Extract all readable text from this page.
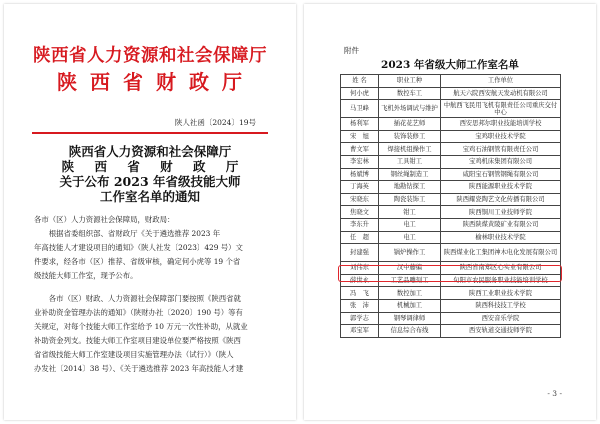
陕西省人力资源和社会保障厅
陕西省财政厅
陕人社函〔2024〕19号
陕西省人力资源和社会保障厅
陕 西 省 财 政 厅
关于公布 2023 年省级技能大师
工作室名单的通知
各市（区）人力资源社会保障局，财政局：
　　根据省委组织部、省财政厅《关于遴选推荐 2023 年
年高技能人才建设项目的通知》（陕人社发〔2023〕429 号）文
件要求，经各市（区）推荐、省级审核，确定何小虎等 19 个省
级技能大师工作室，现予公布。
　　各市（区）财政、人力资源社会保障部门要按照《陕西省就
业补助资金管理办法的通知》（陕财办社〔2020〕190 号）等有
关规定，对每个技能大师工作室给予 10 万元一次性补助，从就业
补助资金列支。技能大师工作室项目建设单位要严格按照《陕西
省省级技能大师工作室建设项目实施管理办法（试行）》（陕人
办发社〔2014〕38 号）、《关于遴选推荐 2023 年高技能人才建
附件
2023 年省级大师工作室名单
姓 名	职业工种	工作单位
何小虎	数控车工	航天六院西安航天发动机有限公司
马卫峰	飞机外场调试与维护	中航西飞民用飞机有限责任公司重庆交付中心
杨利军	插花花艺师	西安思邦尔职业技能培训学校
宋　旭	装饰装修工	宝鸡职业技术学院
曹文军	焊接机组操作工	宝鸡石油钢管有限责任公司
李宏林	工具钳工	宝鸡机床集团有限公司
杨斌博	钢丝绳制造工	咸阳宝石钢管钢绳有限公司
丁海英	地勘钻探工	陕西能源职业技术学院
宋晓东	陶瓷装饰工	陕西耀瓷陶艺文化传播有限公司
焦晓文	钳工	陕西铜川工业技师学院
李东升	电工	陕西陕煤黄陵矿业有限公司
任　超	电工	榆林职业技术学院
封建强	锅炉操作工	陕西煤业化工集团神木电化发展有限公司
刘伟东	汉中藤编	陕西省南郑区心实业有限公司
薛世永	工艺品雕刻工	旬阳市农民服务职业技能培训学校
冯　飞	数控加工	陕西工业职业技术学院
张　沛	机械加工	陕西科技技工学校
郭学志	钢琴调律师	西安音乐学院
邓宝军	信息综合布线	西安轨道交通技师学院
- 3 -
